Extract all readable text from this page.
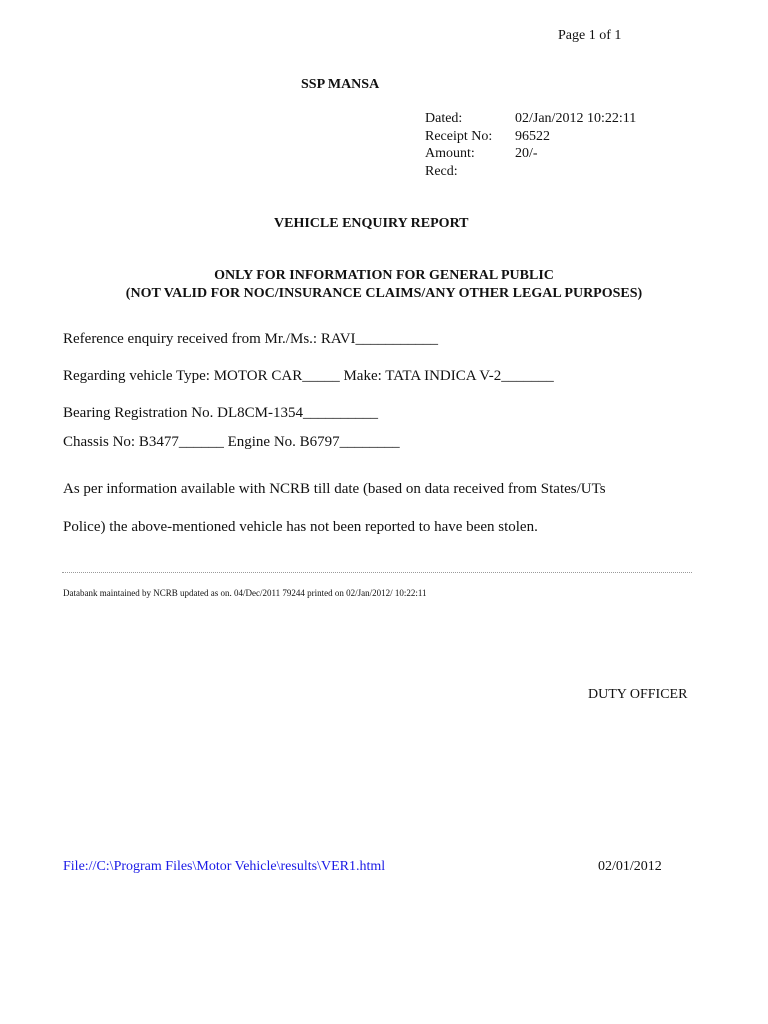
Page 1 of 1
SSP MANSA
Dated:	02/Jan/2012 10:22:11
Receipt No:	96522
Amount:	20/-
Recd:
VEHICLE ENQUIRY REPORT
ONLY FOR INFORMATION FOR GENERAL PUBLIC
(NOT VALID FOR NOC/INSURANCE CLAIMS/ANY OTHER LEGAL PURPOSES)
Reference enquiry received from Mr./Ms.: RAVI___________
Regarding vehicle Type: MOTOR CAR_____ Make: TATA INDICA V-2_______
Bearing Registration No. DL8CM-1354__________
Chassis No: B3477______ Engine No. B6797________
As per information available with NCRB till date (based on data received from States/UTs
Police) the above-mentioned vehicle has not been reported to have been stolen.
Databank maintained by NCRB updated as on. 04/Dec/2011 79244 printed on 02/Jan/2012/ 10:22:11
DUTY OFFICER
File://C:\Program Files\Motor Vehicle\results\VER1.html	02/01/2012
